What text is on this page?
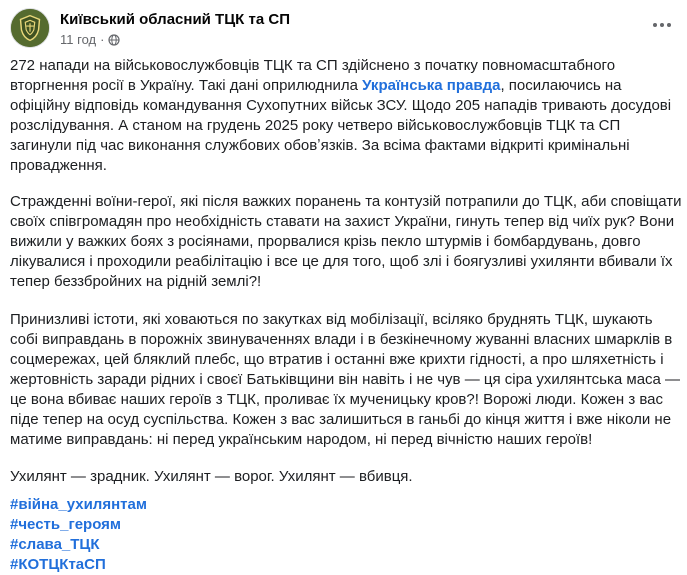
Київський обласний ТЦК та СП
11 год ·

272 напади на військовослужбовців ТЦК та СП здійснено з початку повномасштабного вторгнення росії в Україну. Такі дані оприлюднила Українська правда, посилаючись на офіційну відповідь командування Сухопутних військ ЗСУ. Щодо 205 нападів тривають досудові розслідування. А станом на грудень 2025 року четверо військовослужбовців ТЦК та СП загинули під час виконання службових обовʼязків. За всіма фактами відкриті кримінальні провадження.

Стражденні воїни-герої, які після важких поранень та контузій потрапили до ТЦК, аби сповіщати своїх співгромадян про необхідність ставати на захист України, гинуть тепер від чиїх рук? Вони вижили у важких боях з росіянами, прорвалися крізь пекло штурмів і бомбардувань, довго лікувалися і проходили реабілітацію і все це для того, щоб злі і боягузливі ухилянти вбивали їх тепер беззбройних на рідній землі?!

Принизливі істоти, які ховаються по закутках від мобілізації, всіляко бруднять ТЦК, шукають собі виправдань в порожніх звинуваченнях влади і в безкінечному жуванні власних шмарклів в соцмережах, цей бляклий плебс, що втратив і останні вже крихти гідності, а про шляхетність і жертовність заради рідних і своєї Батьківщини він навіть і не чув — ця сіра ухилянтська маса — це вона вбиває наших героїв з ТЦК, проливає їх мученицьку кров?! Ворожі люди. Кожен з вас піде тепер на осуд суспільства. Кожен з вас залишиться в ганьбі до кінця життя і вже ніколи не матиме виправдань: ні перед українським народом, ні перед вічністю наших героїв!

Ухилянт — зрадник. Ухилянт — ворог. Ухилянт — вбивця.

#війна_ухилянтам
#честь_героям
#слава_ТЦК
#КОТЦКтаСП
